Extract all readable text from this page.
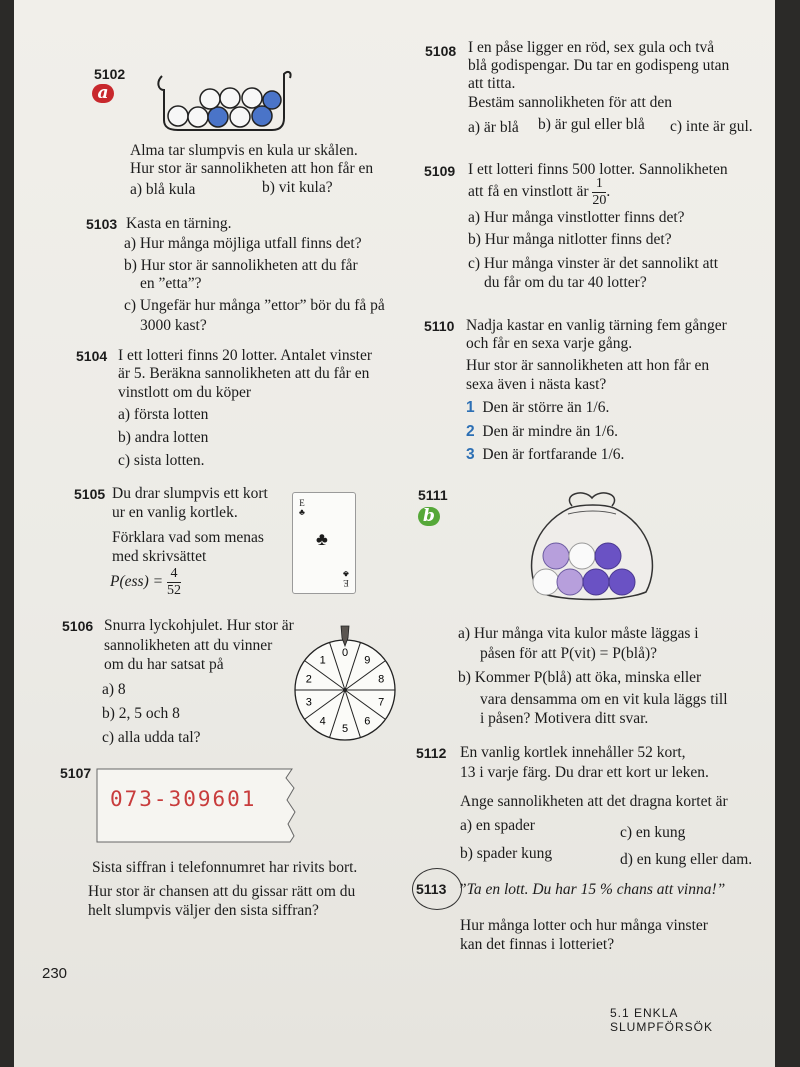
5102
a
Alma tar slumpvis en kula ur skålen.
Hur stor är sannolikheten att hon får en
a) blå kula	b) vit kula?
5103 Kasta en tärning.
a) Hur många möjliga utfall finns det?
b) Hur stor är sannolikheten att du får
en ”etta”?
c) Ungefär hur många ”ettor” bör du få på
3000 kast?
5104 I ett lotteri finns 20 lotter. Antalet vinster
är 5. Beräkna sannolikheten att du får en
vinstlott om du köper
a) första lotten
b) andra lotten
c) sista lotten.
5105 Du drar slumpvis ett kort
ur en vanlig kortlek.
Förklara vad som menas
med skrivsättet
$P(ess) = \frac{4}{52}$
E
♣
♣
E
♣
5106 Snurra lyckohjulet. Hur stor är
sannolikheten att du vinner
om du har satsat på
a) 8
b) 2, 5 och 8
c) alla udda tal?
0
9
8
7
6
5
4
3
2
1
5107
073-309601
Sista siffran i telefonnumret har rivits bort.
Hur stor är chansen att du gissar rätt om du
helt slumpvis väljer den sista siffran?
230
5108 I en påse ligger en röd, sex gula och två
blå godispengar. Du tar en godispeng utan
att titta.
Bestäm sannolikheten för att den
a) är blå b) är gul eller blå c) inte är gul.
5109 I ett lotteri finns 500 lotter. Sannolikheten
att få en vinstlott är $\frac{1}{20}$ .
a) Hur många vinstlotter finns det?
b) Hur många nitlotter finns det?
c) Hur många vinster är det sannolikt att
du får om du tar 40 lotter?
5110 Nadja kastar en vanlig tärning fem gånger
och får en sexa varje gång.
Hur stor är sannolikheten att hon får en
sexa även i nästa kast?
1 Den är större än 1/6.
2 Den är mindre än 1/6.
3 Den är fortfarande 1/6.
5111
b
a) Hur många vita kulor måste läggas i
påsen för att P(vit) = P(blå)?
b) Kommer P(blå) att öka, minska eller
vara densamma om en vit kula läggs till
i påsen? Motivera ditt svar.
5112 En vanlig kortlek innehåller 52 kort,
13 i varje färg. Du drar ett kort ur leken.
Ange sannolikheten att det dragna kortet är
a) en spader
b) spader kung
c) en kung
d) en kung eller dam.
5113 ”Ta en lott. Du har 15 % chans att vinna!”
Hur många lotter och hur många vinster
kan det finnas i lotteriet?
5.1 ENKLA SLUMPFÖRSÖK
